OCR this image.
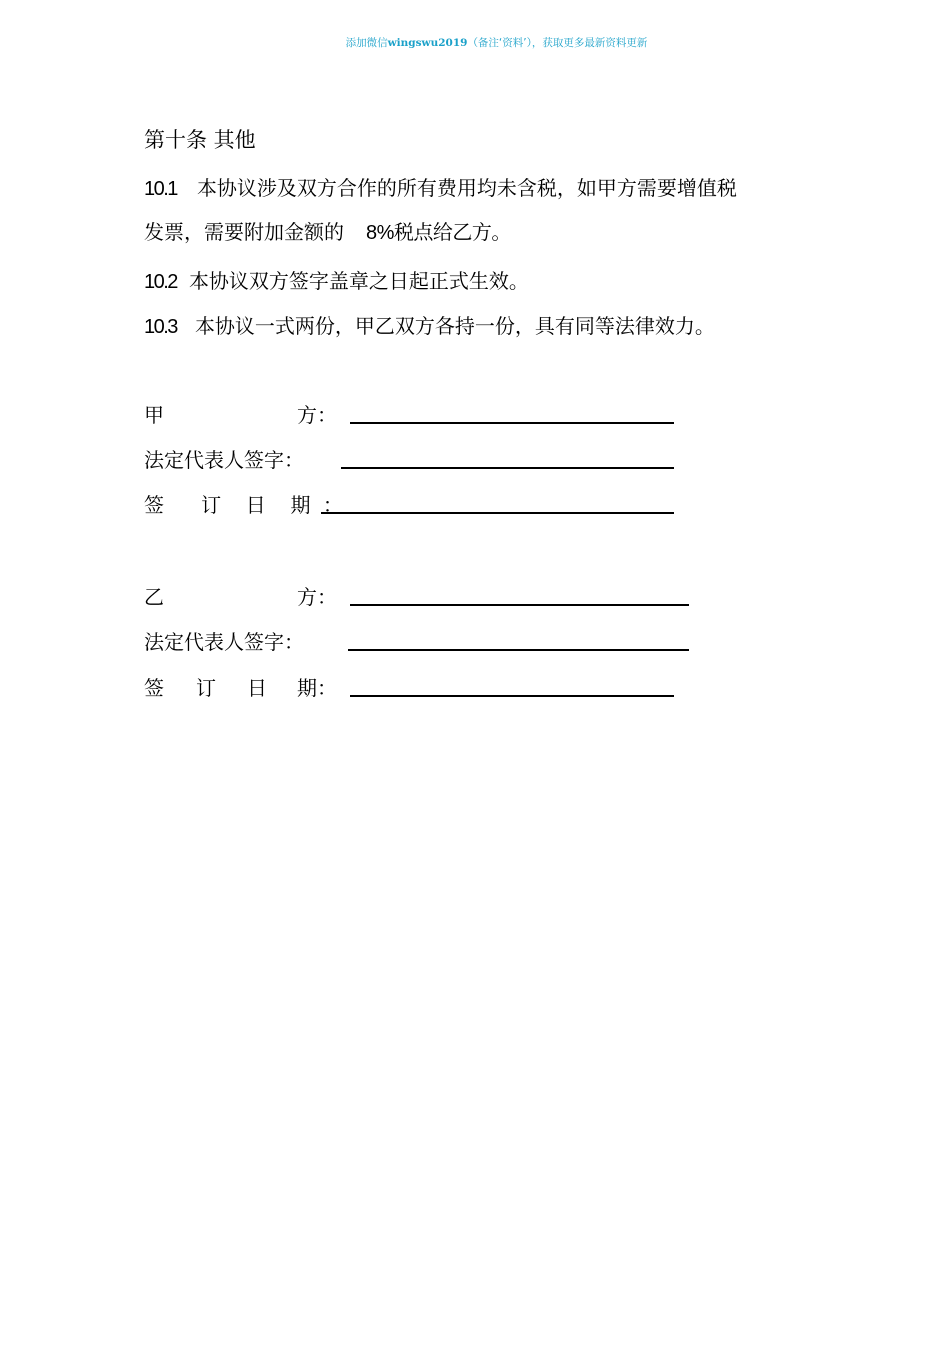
添加微信wingswu2019（备注‘资料’），获取更多最新资料更新
第十条 其他
10.1 本协议涉及双方合作的所有费用均未含税，如甲方需要增值税
发票，需要附加金额的 8%税点给乙方。
10.2 本协议双方签字盖章之日起正式生效。
10.3 本协议一式两份，甲乙双方各持一份，具有同等法律效力。
甲	方：
法定代表人签字：
签   订  日  期 ：
乙	方：
法定代表人签字：
签 订 日 期：
